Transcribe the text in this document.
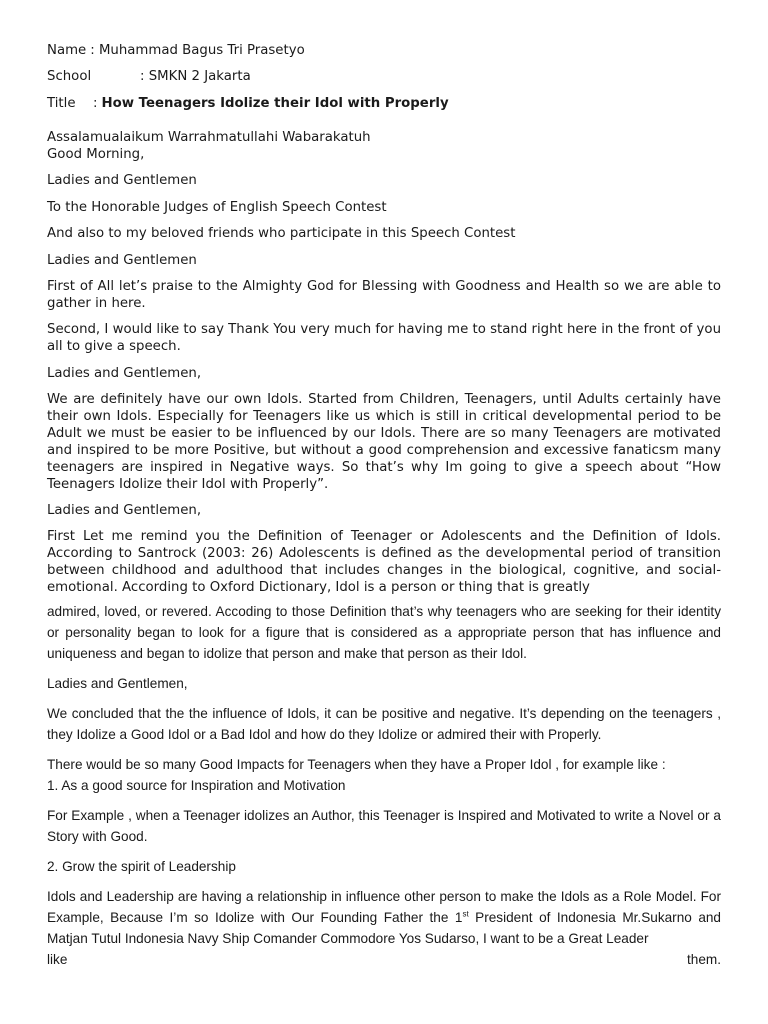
Name : Muhammad Bagus Tri Prasetyo
School	: SMKN 2 Jakarta
Title	: How Teenagers Idolize their Idol with Properly

Assalamualaikum Warrahmatullahi Wabarakatuh

Good Morning,

Ladies and Gentlemen

To the Honorable Judges of English Speech Contest

And also to my beloved friends who participate in this Speech Contest

Ladies and Gentlemen

First of All let’s praise to the Almighty God for Blessing with Goodness and Health so we are able to gather in here.

Second, I would like to say Thank You very much for having me to stand right here in the front of you all to give a speech.

Ladies and Gentlemen,

We are definitely have our own Idols. Started from Children, Teenagers, until Adults certainly have their own Idols. Especially for Teenagers like us which is still in critical developmental period to be Adult we must be easier to be influenced by our Idols. There are so many Teenagers are motivated and inspired to be more Positive, but without a good comprehension and excessive fanaticsm many teenagers are inspired in Negative ways. So that’s why Im going to give a speech about “How Teenagers Idolize their Idol with Properly”.

Ladies and Gentlemen,

First Let me remind you the Definition of Teenager or Adolescents and the Definition of Idols. According to Santrock (2003: 26) Adolescents is defined as the developmental period of transition between childhood and adulthood that includes changes in the biological, cognitive, and social-emotional. According to Oxford Dictionary, Idol is a person or thing that is greatly

admired, loved, or revered. Accoding to those Definition that’s why teenagers who are seeking for their identity or personality began to look for a figure that is considered as a appropriate person that has influence and uniqueness and began to idolize that person and make that person as their Idol.

Ladies and Gentlemen,

We concluded that the the influence of Idols, it can be positive and negative. It’s depending on the teenagers , they Idolize a Good Idol or a Bad Idol and how do they Idolize or admired their with Properly.

There would be so many Good Impacts for Teenagers when they have a Proper Idol , for example like :

1. As a good source for Inspiration and Motivation

For Example , when a Teenager idolizes an Author, this Teenager is Inspired and Motivated to write a Novel or a Story with Good.

2. Grow the spirit of Leadership

Idols and Leadership are having a relationship in influence other person to make the Idols as a Role Model. For Example, Because I’m so Idolize with Our Founding Father the 1st President of Indonesia Mr.Sukarno and Matjan Tutul Indonesia Navy Ship Comander Commodore Yos Sudarso, I want to be a Great Leader

like	them.
